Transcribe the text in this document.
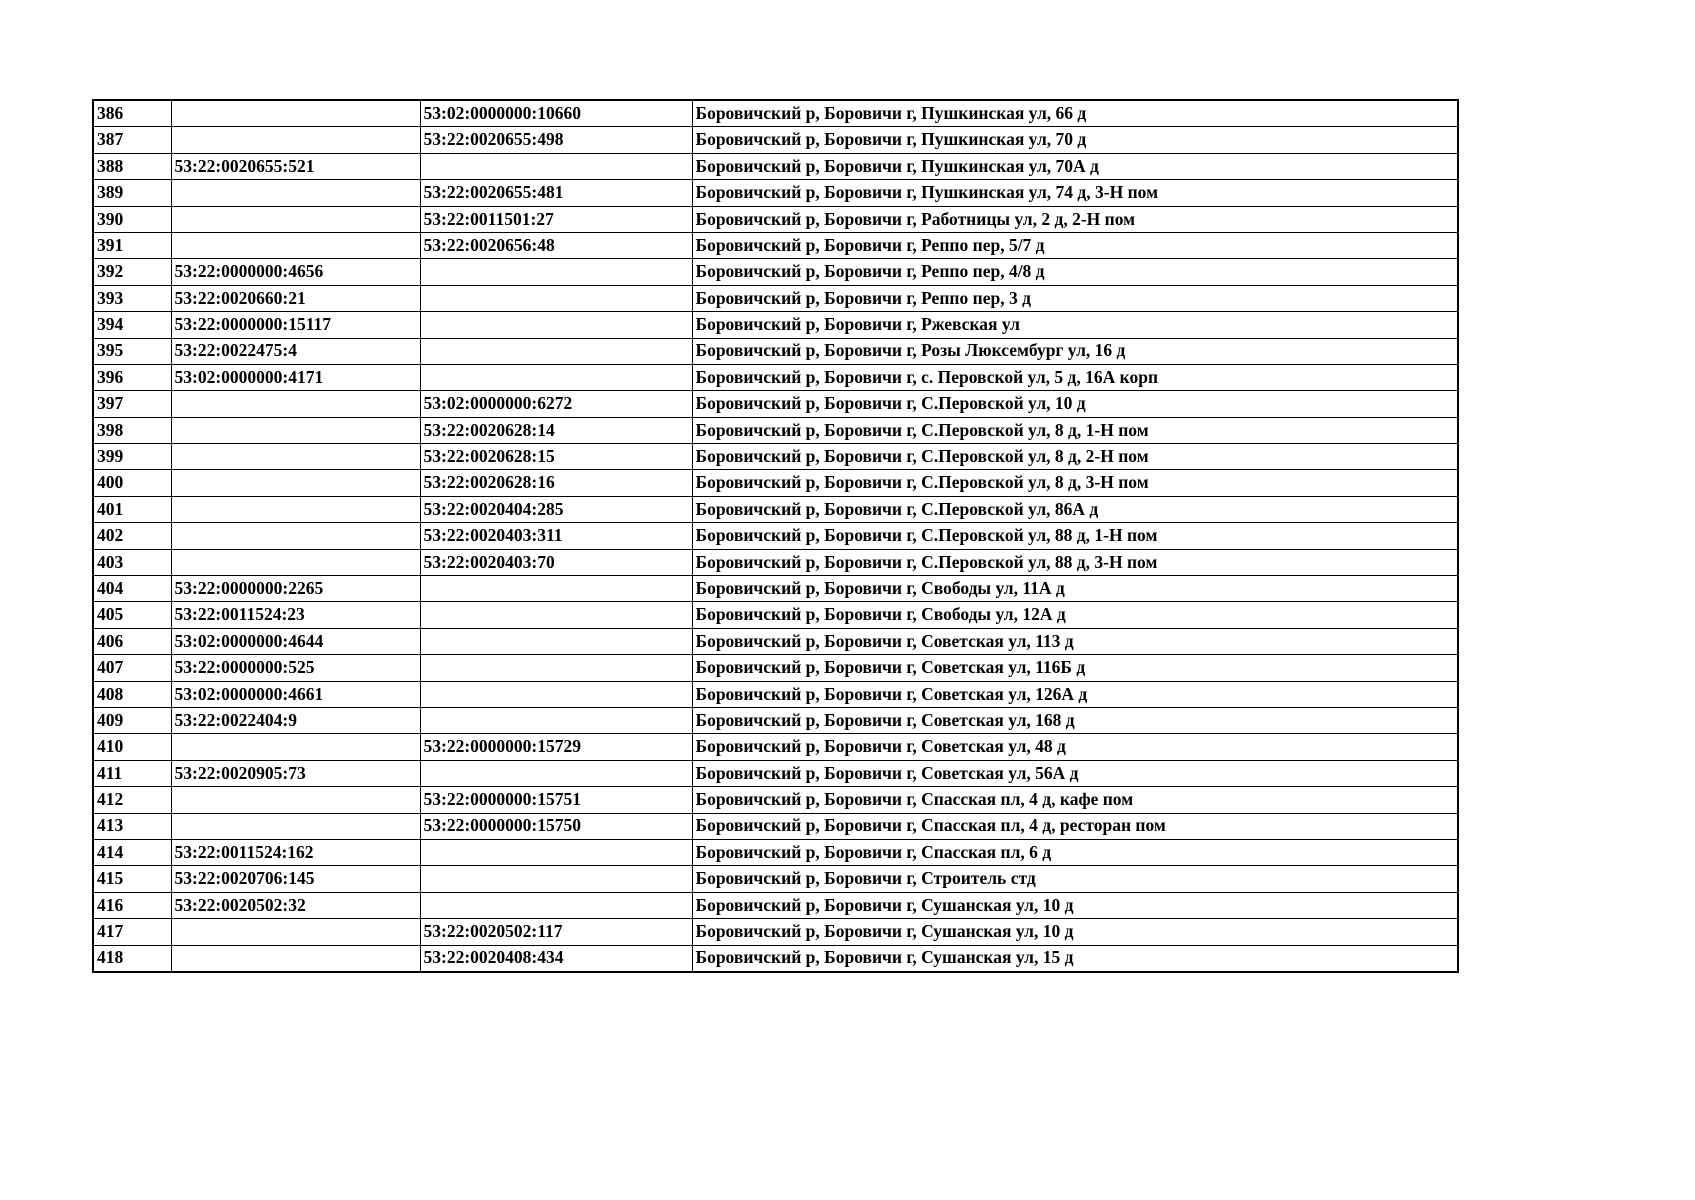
386		53:02:0000000:10660	Боровичский р, Боровичи г, Пушкинская ул, 66 д
387		53:22:0020655:498	Боровичский р, Боровичи г, Пушкинская ул, 70 д
388	53:22:0020655:521		Боровичский р, Боровичи г, Пушкинская ул, 70А д
389		53:22:0020655:481	Боровичский р, Боровичи г, Пушкинская ул, 74 д, 3-Н пом
390		53:22:0011501:27	Боровичский р, Боровичи г, Работницы ул, 2 д, 2-Н пом
391		53:22:0020656:48	Боровичский р, Боровичи г, Реппо пер, 5/7 д
392	53:22:0000000:4656		Боровичский р, Боровичи г, Реппо пер, 4/8 д
393	53:22:0020660:21		Боровичский р, Боровичи г, Реппо пер, 3 д
394	53:22:0000000:15117		Боровичский р, Боровичи г, Ржевская ул
395	53:22:0022475:4		Боровичский р, Боровичи г, Розы Люксембург ул, 16 д
396	53:02:0000000:4171		Боровичский р, Боровичи г, с. Перовской ул, 5 д, 16А корп
397		53:02:0000000:6272	Боровичский р, Боровичи г, С.Перовской ул, 10 д
398		53:22:0020628:14	Боровичский р, Боровичи г, С.Перовской ул, 8 д, 1-Н пом
399		53:22:0020628:15	Боровичский р, Боровичи г, С.Перовской ул, 8 д, 2-Н пом
400		53:22:0020628:16	Боровичский р, Боровичи г, С.Перовской ул, 8 д, 3-Н пом
401		53:22:0020404:285	Боровичский р, Боровичи г, С.Перовской ул, 86А д
402		53:22:0020403:311	Боровичский р, Боровичи г, С.Перовской ул, 88 д, 1-Н пом
403		53:22:0020403:70	Боровичский р, Боровичи г, С.Перовской ул, 88 д, 3-Н пом
404	53:22:0000000:2265		Боровичский р, Боровичи г, Свободы ул, 11А д
405	53:22:0011524:23		Боровичский р, Боровичи г, Свободы ул, 12А д
406	53:02:0000000:4644		Боровичский р, Боровичи г, Советская ул, 113 д
407	53:22:0000000:525		Боровичский р, Боровичи г, Советская ул, 116Б д
408	53:02:0000000:4661		Боровичский р, Боровичи г, Советская ул, 126А д
409	53:22:0022404:9		Боровичский р, Боровичи г, Советская ул, 168 д
410		53:22:0000000:15729	Боровичский р, Боровичи г, Советская ул, 48 д
411	53:22:0020905:73		Боровичский р, Боровичи г, Советская ул, 56А д
412		53:22:0000000:15751	Боровичский р, Боровичи г, Спасская пл, 4 д, кафе пом
413		53:22:0000000:15750	Боровичский р, Боровичи г, Спасская пл, 4 д, ресторан пом
414	53:22:0011524:162		Боровичский р, Боровичи г, Спасская пл, 6 д
415	53:22:0020706:145		Боровичский р, Боровичи г, Строитель стд
416	53:22:0020502:32		Боровичский р, Боровичи г, Сушанская ул, 10 д
417		53:22:0020502:117	Боровичский р, Боровичи г, Сушанская ул, 10 д
418		53:22:0020408:434	Боровичский р, Боровичи г, Сушанская ул, 15 д
